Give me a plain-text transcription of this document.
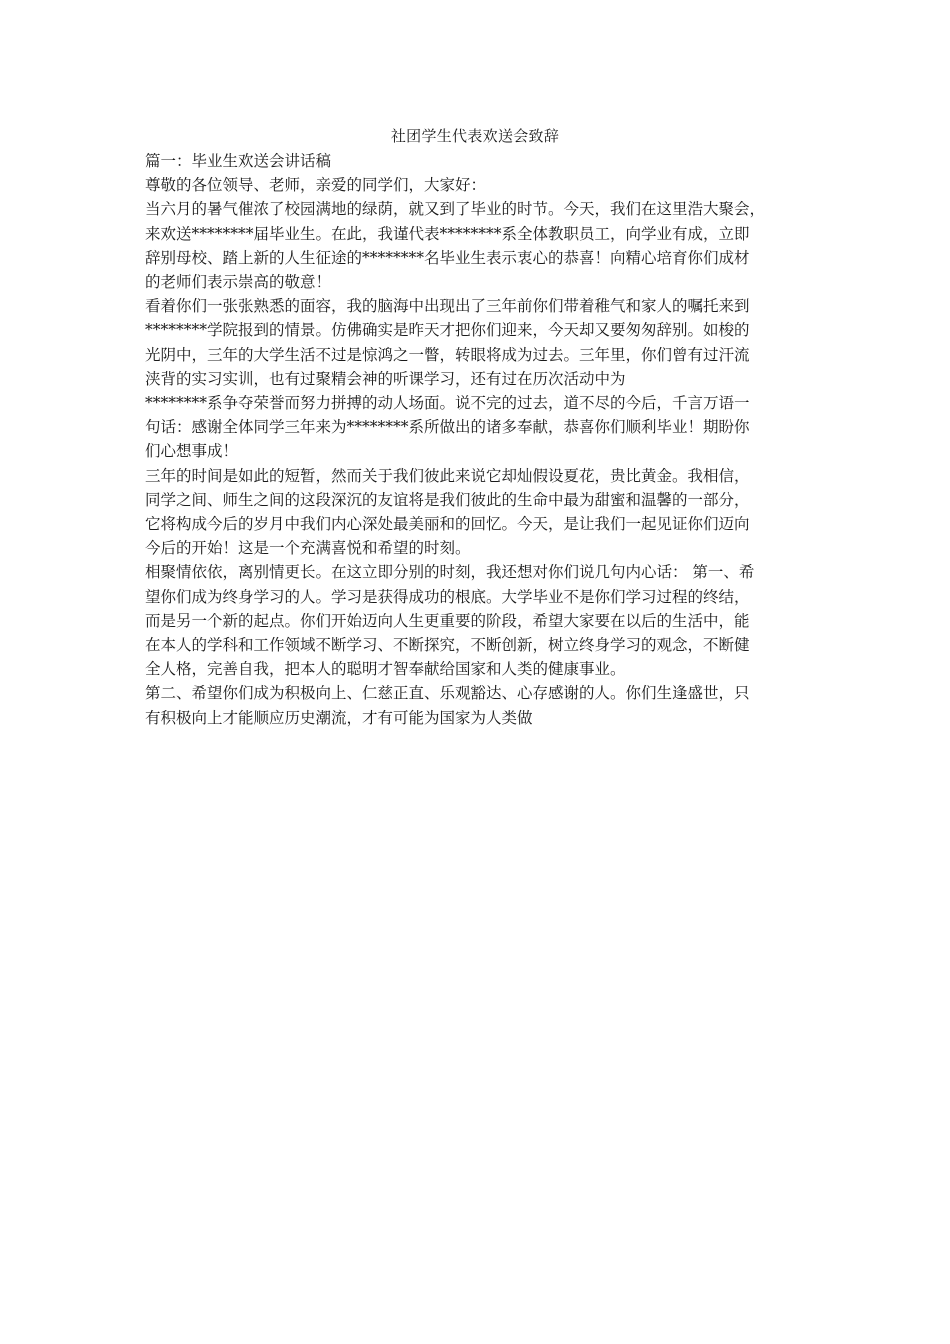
社团学生代表欢送会致辞
篇一：毕业生欢送会讲话稿
尊敬的各位领导、老师，亲爱的同学们，大家好：
当六月的暑气催浓了校园满地的绿荫，就又到了毕业的时节。今天，我们在这里浩大聚会，
来欢送********届毕业生。在此，我谨代表********系全体教职员工，向学业有成，立即
辞别母校、踏上新的人生征途的********名毕业生表示衷心的恭喜！向精心培育你们成材
的老师们表示崇高的敬意！
看着你们一张张熟悉的面容，我的脑海中出现出了三年前你们带着稚气和家人的嘱托来到
********学院报到的情景。仿佛确实是昨天才把你们迎来，今天却又要匆匆辞别。如梭的
光阴中，三年的大学生活不过是惊鸿之一瞥，转眼将成为过去。三年里，你们曾有过汗流
浃背的实习实训，也有过聚精会神的听课学习，还有过在历次活动中为
********系争夺荣誉而努力拼搏的动人场面。说不完的过去，道不尽的今后，千言万语一
句话：感谢全体同学三年来为********系所做出的诸多奉献，恭喜你们顺利毕业！期盼你
们心想事成！
三年的时间是如此的短暂，然而关于我们彼此来说它却灿假设夏花，贵比黄金。我相信，
同学之间、师生之间的这段深沉的友谊将是我们彼此的生命中最为甜蜜和温馨的一部分，
它将构成今后的岁月中我们内心深处最美丽和的回忆。今天，是让我们一起见证你们迈向
今后的开始！这是一个充满喜悦和希望的时刻。
相聚情依依，离别情更长。在这立即分别的时刻，我还想对你们说几句内心话： 第一、希
望你们成为终身学习的人。学习是获得成功的根底。大学毕业不是你们学习过程的终结，
而是另一个新的起点。你们开始迈向人生更重要的阶段，希望大家要在以后的生活中，能
在本人的学科和工作领域不断学习、不断探究，不断创新，树立终身学习的观念，不断健
全人格，完善自我，把本人的聪明才智奉献给国家和人类的健康事业。
第二、希望你们成为积极向上、仁慈正直、乐观豁达、心存感谢的人。你们生逢盛世，只
有积极向上才能顺应历史潮流，才有可能为国家为人类做
